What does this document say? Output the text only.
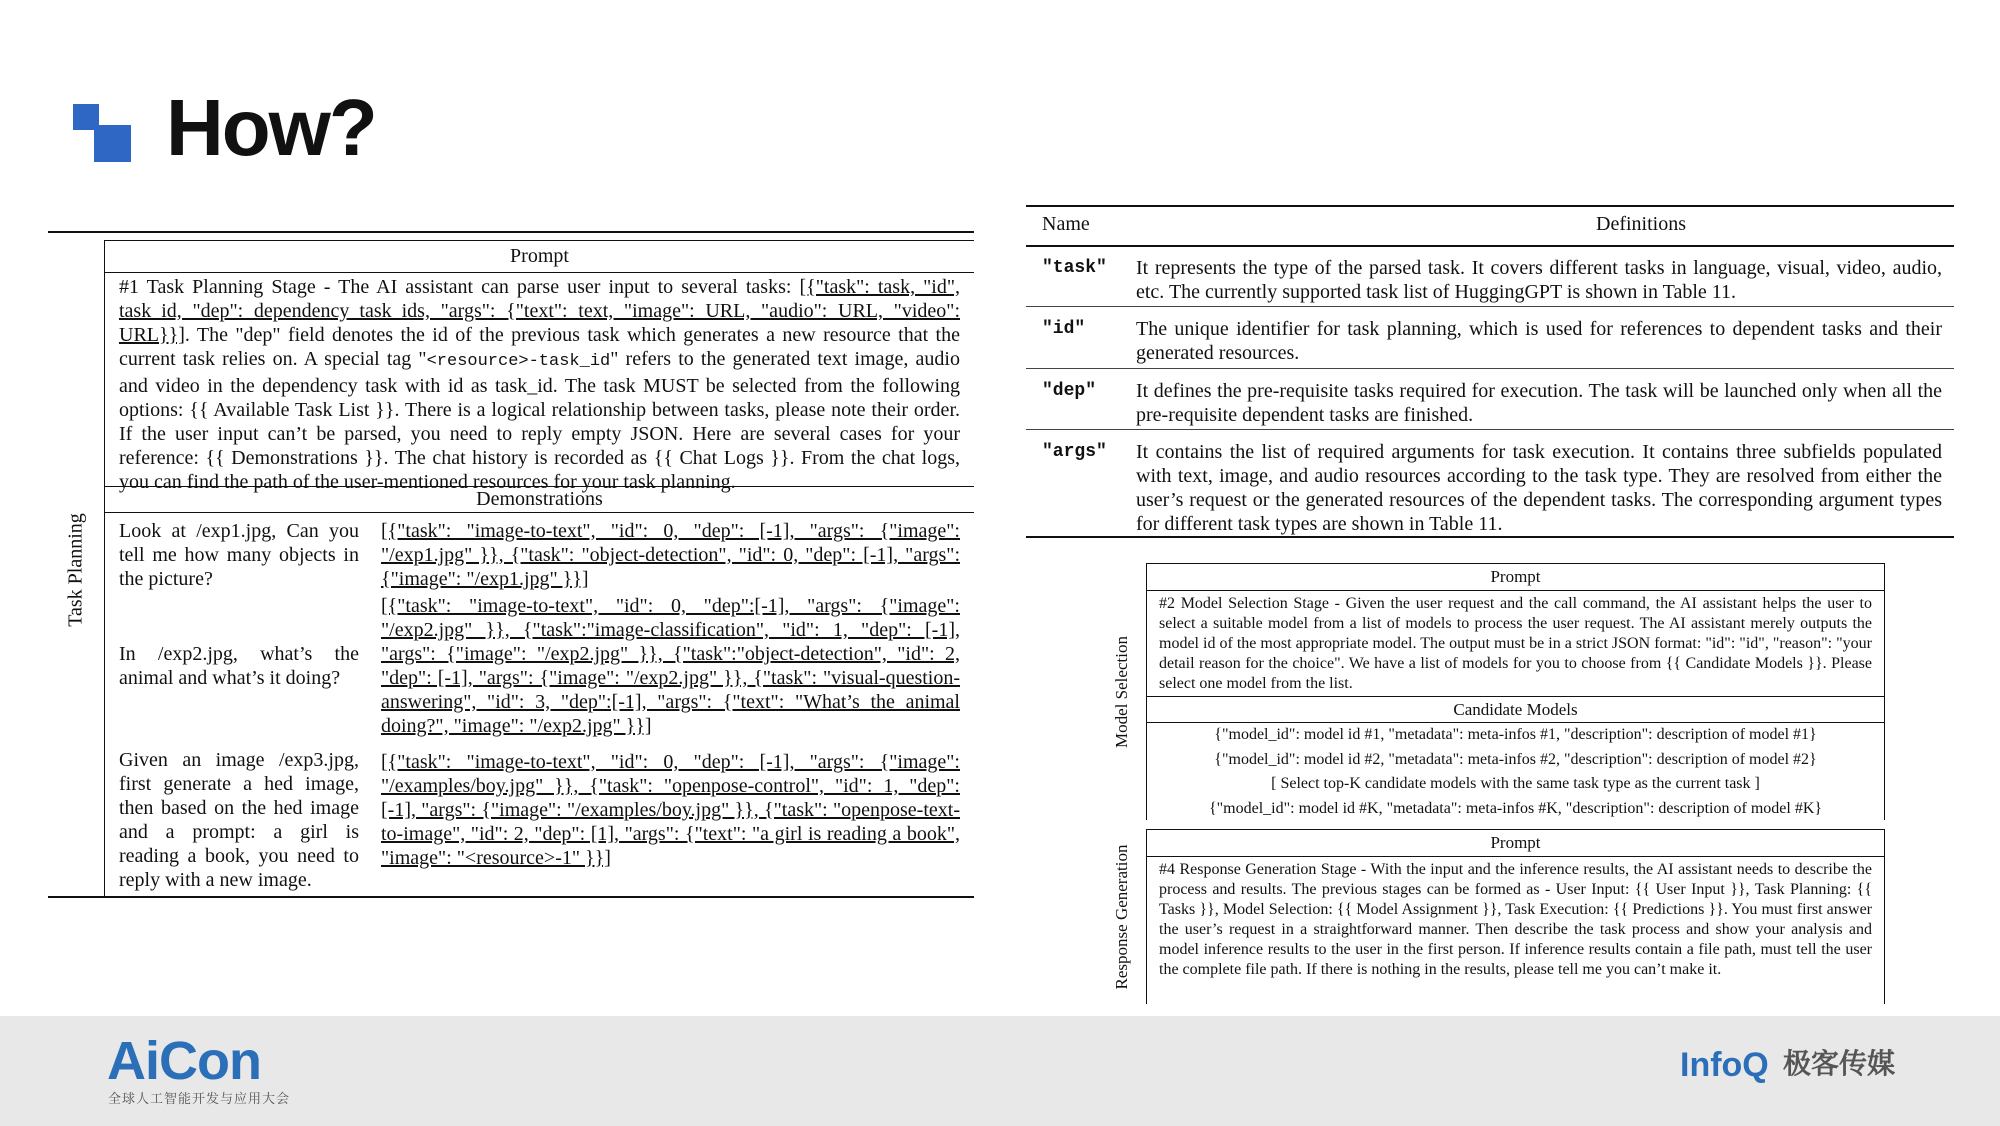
How?
Task Planning
Prompt
#1 Task Planning Stage - The AI assistant can parse user input to several tasks: [{"task": task, "id", task_id, "dep": dependency_task_ids, "args": {"text": text, "image": URL, "audio": URL, "video": URL}}]. The "dep" field denotes the id of the previous task which generates a new resource that the current task relies on. A special tag "<resource>-task_id" refers to the generated text image, audio and video in the dependency task with id as task_id. The task MUST be selected from the following options: {{ Available Task List }}. There is a logical relationship between tasks, please note their order. If the user input can’t be parsed, you need to reply empty JSON. Here are several cases for your reference: {{ Demonstrations }}. The chat history is recorded as {{ Chat Logs }}. From the chat logs, you can find the path of the user-mentioned resources for your task planning.
Demonstrations
Look at /exp1.jpg, Can you tell me how many objects in the picture?
[{"task": "image-to-text", "id": 0, "dep": [-1], "args": {"image": "/exp1.jpg" }}, {"task": "object-detection", "id": 0, "dep": [-1], "args": {"image": "/exp1.jpg" }}]
In /exp2.jpg, what’s the animal and what’s it doing?
[{"task": "image-to-text", "id": 0, "dep":[-1], "args": {"image": "/exp2.jpg" }}, {"task":"image-classification", "id": 1, "dep": [-1], "args": {"image": "/exp2.jpg" }}, {"task":"object-detection", "id": 2, "dep": [-1], "args": {"image": "/exp2.jpg" }}, {"task": "visual-question-answering", "id": 3, "dep":[-1], "args": {"text": "What’s the animal doing?", "image": "/exp2.jpg" }}]
Given an image /exp3.jpg, first generate a hed image, then based on the hed image and a prompt: a girl is reading a book, you need to reply with a new image.
[{"task": "image-to-text", "id": 0, "dep": [-1], "args": {"image": "/examples/boy.jpg" }}, {"task": "openpose-control", "id": 1, "dep": [-1], "args": {"image": "/examples/boy.jpg" }}, {"task": "openpose-text-to-image", "id": 2, "dep": [1], "args": {"text": "a girl is reading a book", "image": "<resource>-1" }}]
Name	Definitions
"task" It represents the type of the parsed task. It covers different tasks in language, visual, video, audio, etc. The currently supported task list of HuggingGPT is shown in Table 11.
"id"	The unique identifier for task planning, which is used for references to dependent tasks and their generated resources.
"dep" It defines the pre-requisite tasks required for execution. The task will be launched only when all the pre-requisite dependent tasks are finished.
"args" It contains the list of required arguments for task execution. It contains three subfields populated with text, image, and audio resources according to the task type. They are resolved from either the user’s request or the generated resources of the dependent tasks. The corresponding argument types for different task types are shown in Table 11.
Model Selection
Prompt
#2 Model Selection Stage - Given the user request and the call command, the AI assistant helps the user to select a suitable model from a list of models to process the user request. The AI assistant merely outputs the model id of the most appropriate model. The output must be in a strict JSON format: "id": "id", "reason": "your detail reason for the choice". We have a list of models for you to choose from {{ Candidate Models }}. Please select one model from the list.
Candidate Models
{"model_id": model id #1, "metadata": meta-infos #1, "description": description of model #1}
{"model_id": model id #2, "metadata": meta-infos #2, "description": description of model #2}
[ Select top-K candidate models with the same task type as the current task ]
{"model_id": model id #K, "metadata": meta-infos #K, "description": description of model #K}
Response Generation
Prompt
#4 Response Generation Stage - With the input and the inference results, the AI assistant needs to describe the process and results. The previous stages can be formed as - User Input: {{ User Input }}, Task Planning: {{ Tasks }}, Model Selection: {{ Model Assignment }}, Task Execution: {{ Predictions }}. You must first answer the user’s request in a straightforward manner. Then describe the task process and show your analysis and model inference results to the user in the first person. If inference results contain a file path, must tell the user the complete file path. If there is nothing in the results, please tell me you can’t make it.
AiCon
全球人工智能开发与应用大会
InfoQ 极客传媒
